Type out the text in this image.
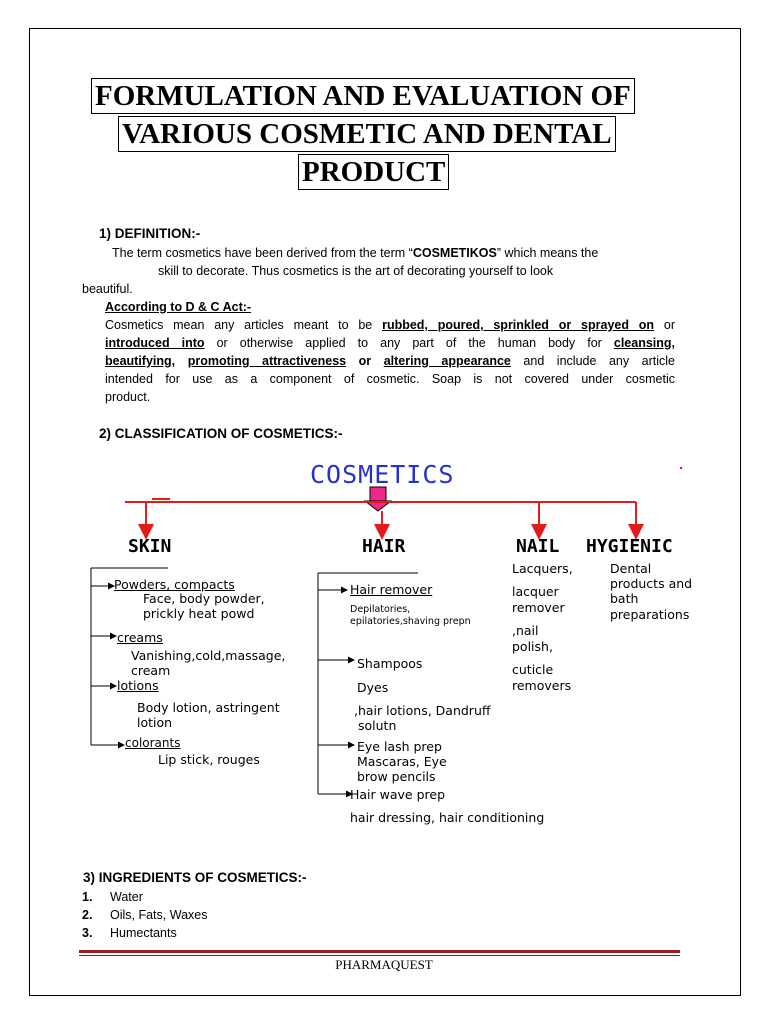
FORMULATION AND EVALUATION OF
VARIOUS COSMETIC AND DENTAL
PRODUCT
1) DEFINITION:-
The term cosmetics have been derived from the term “COSMETIKOS” which means the
skill to decorate. Thus cosmetics is the art of decorating yourself to look
beautiful.
According to D & C Act:-
Cosmetics mean any articles meant to be rubbed, poured, sprinkled or sprayed on or
introduced into or otherwise applied to any part of the human body for cleansing,
beautifying, promoting attractiveness or altering appearance and include any article
intended for use as a component of cosmetic. Soap is not covered under cosmetic
product.
2) CLASSIFICATION OF COSMETICS:-
COSMETICS
SKIN	HAIR	NAIL HYGIENIC
Powders, compacts
Face, body powder,
prickly heat powd
creams
Vanishing,cold,massage,
cream
lotions
Body lotion, astringent
lotion
colorants
Lip stick, rouges
Hair remover
Depilatories,
epilatories,shaving prepn
Shampoos
Dyes
,hair lotions, Dandruff
solutn
Eye lash prep
Mascaras, Eye
brow pencils
Hair wave prep
hair dressing, hair conditioning
Lacquers,
lacquer
remover
,nail
polish,
cuticle
removers
Dental
products and
bath
preparations
3) INGREDIENTS OF COSMETICS:-
1. Water
2. Oils, Fats, Waxes
3. Humectants
PHARMAQUEST
